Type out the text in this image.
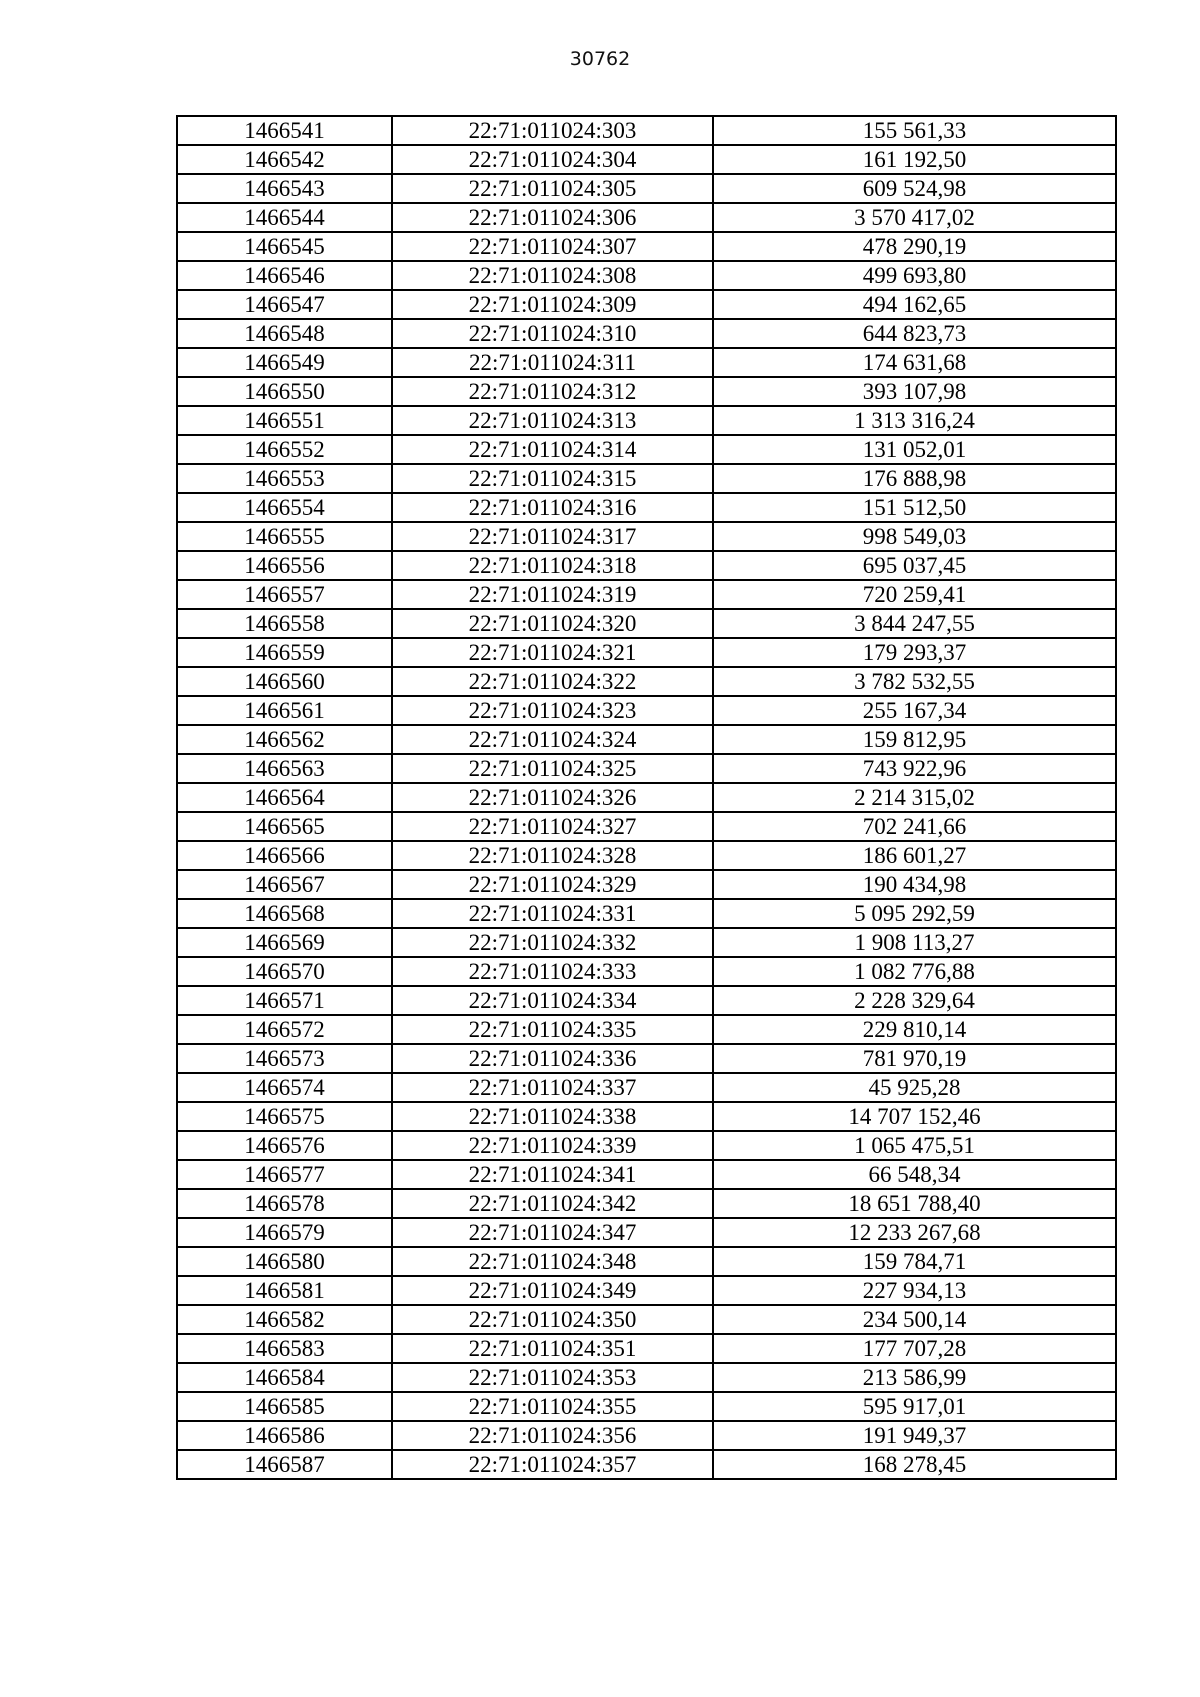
30762
1466541	22:71:011024:303	155 561,33
1466542	22:71:011024:304	161 192,50
1466543	22:71:011024:305	609 524,98
1466544	22:71:011024:306	3 570 417,02
1466545	22:71:011024:307	478 290,19
1466546	22:71:011024:308	499 693,80
1466547	22:71:011024:309	494 162,65
1466548	22:71:011024:310	644 823,73
1466549	22:71:011024:311	174 631,68
1466550	22:71:011024:312	393 107,98
1466551	22:71:011024:313	1 313 316,24
1466552	22:71:011024:314	131 052,01
1466553	22:71:011024:315	176 888,98
1466554	22:71:011024:316	151 512,50
1466555	22:71:011024:317	998 549,03
1466556	22:71:011024:318	695 037,45
1466557	22:71:011024:319	720 259,41
1466558	22:71:011024:320	3 844 247,55
1466559	22:71:011024:321	179 293,37
1466560	22:71:011024:322	3 782 532,55
1466561	22:71:011024:323	255 167,34
1466562	22:71:011024:324	159 812,95
1466563	22:71:011024:325	743 922,96
1466564	22:71:011024:326	2 214 315,02
1466565	22:71:011024:327	702 241,66
1466566	22:71:011024:328	186 601,27
1466567	22:71:011024:329	190 434,98
1466568	22:71:011024:331	5 095 292,59
1466569	22:71:011024:332	1 908 113,27
1466570	22:71:011024:333	1 082 776,88
1466571	22:71:011024:334	2 228 329,64
1466572	22:71:011024:335	229 810,14
1466573	22:71:011024:336	781 970,19
1466574	22:71:011024:337	45 925,28
1466575	22:71:011024:338	14 707 152,46
1466576	22:71:011024:339	1 065 475,51
1466577	22:71:011024:341	66 548,34
1466578	22:71:011024:342	18 651 788,40
1466579	22:71:011024:347	12 233 267,68
1466580	22:71:011024:348	159 784,71
1466581	22:71:011024:349	227 934,13
1466582	22:71:011024:350	234 500,14
1466583	22:71:011024:351	177 707,28
1466584	22:71:011024:353	213 586,99
1466585	22:71:011024:355	595 917,01
1466586	22:71:011024:356	191 949,37
1466587	22:71:011024:357	168 278,45
